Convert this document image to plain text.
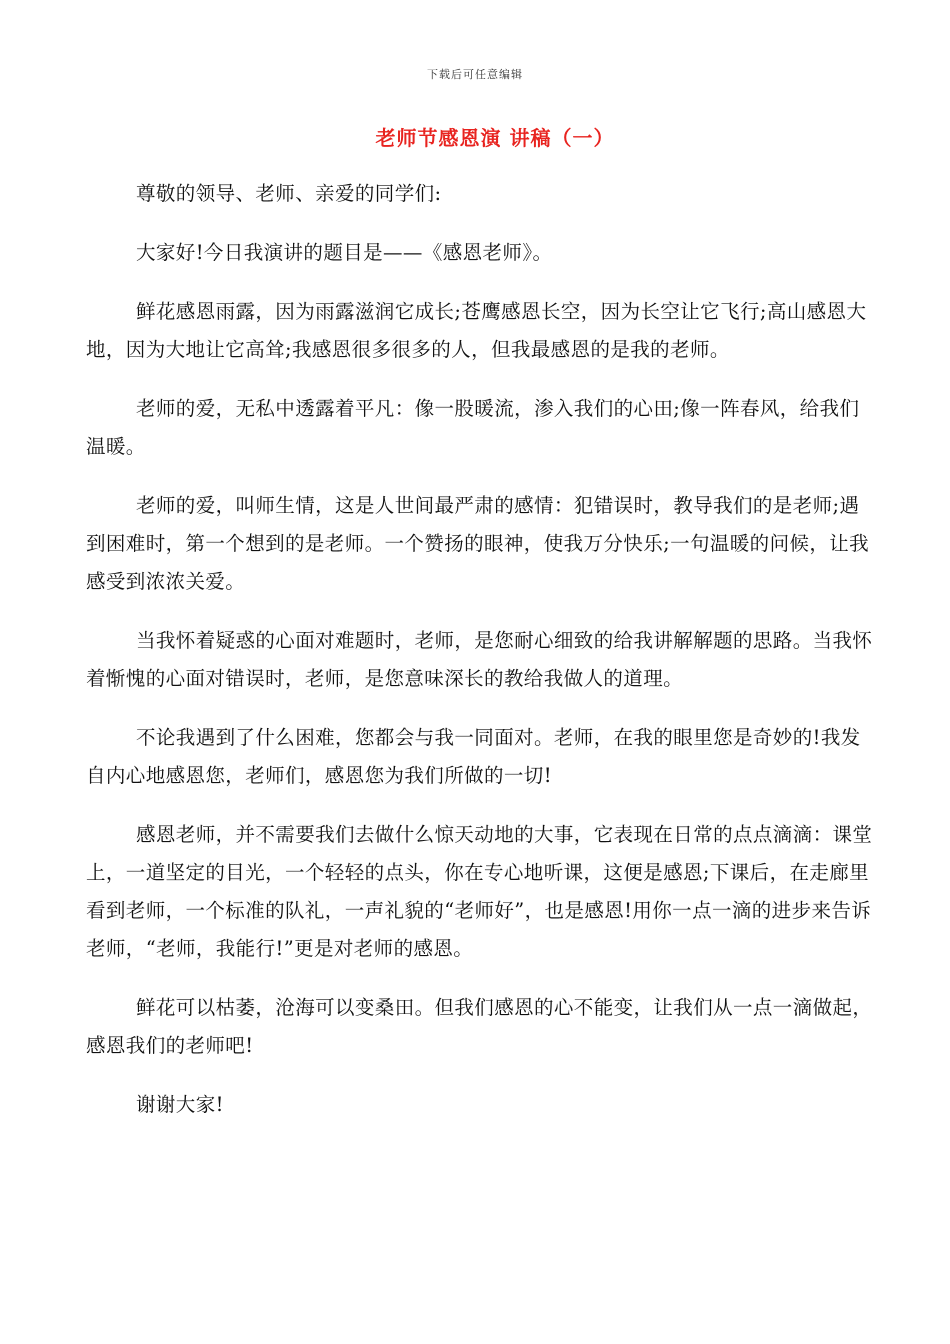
下载后可任意编辑
老师节感恩演 讲稿（一）

尊敬的领导、老师、亲爱的同学们:

大家好!今日我演讲的题目是——《感恩老师》。

鲜花感恩雨露，因为雨露滋润它成长;苍鹰感恩长空，因为长空让它飞行;高山感恩大地，因为大地让它高耸;我感恩很多很多的人，但我最感恩的是我的老师。

老师的爱，无私中透露着平凡：像一股暖流，渗入我们的心田;像一阵春风，给我们温暖。

老师的爱，叫师生情，这是人世间最严肃的感情：犯错误时，教导我们的是老师;遇到困难时，第一个想到的是老师。一个赞扬的眼神，使我万分快乐;一句温暖的问候，让我感受到浓浓关爱。

当我怀着疑惑的心面对难题时，老师，是您耐心细致的给我讲解解题的思路。当我怀着惭愧的心面对错误时，老师，是您意味深长的教给我做人的道理。

不论我遇到了什么困难，您都会与我一同面对。老师，在我的眼里您是奇妙的!我发自内心地感恩您，老师们，感恩您为我们所做的一切!

感恩老师，并不需要我们去做什么惊天动地的大事，它表现在日常的点点滴滴：课堂上，一道坚定的目光，一个轻轻的点头，你在专心地听课，这便是感恩;下课后，在走廊里看到老师，一个标准的队礼，一声礼貌的“老师好”，也是感恩!用你一点一滴的进步来告诉老师，“老师，我能行!”更是对老师的感恩。

鲜花可以枯萎，沧海可以变桑田。但我们感恩的心不能变，让我们从一点一滴做起，感恩我们的老师吧!

谢谢大家!
